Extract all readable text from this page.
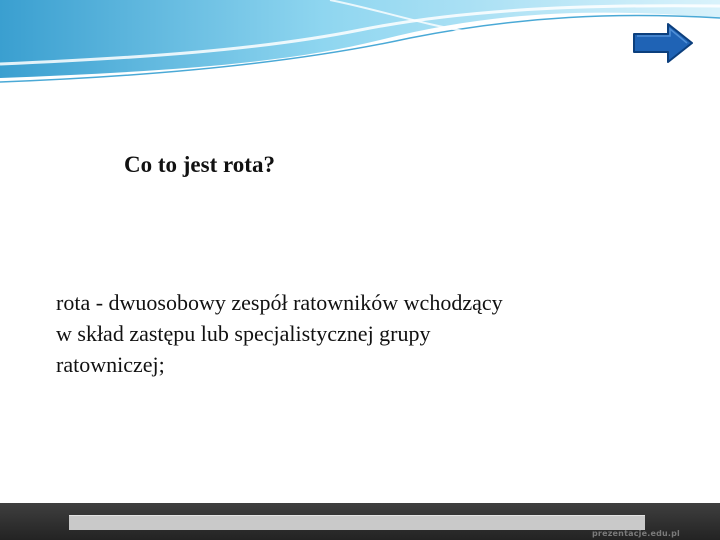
Co to jest rota?
rota - dwuosobowy zespół ratowników wchodzący
w skład zastępu lub specjalistycznej grupy
ratowniczej;
prezentacje.edu.pl
